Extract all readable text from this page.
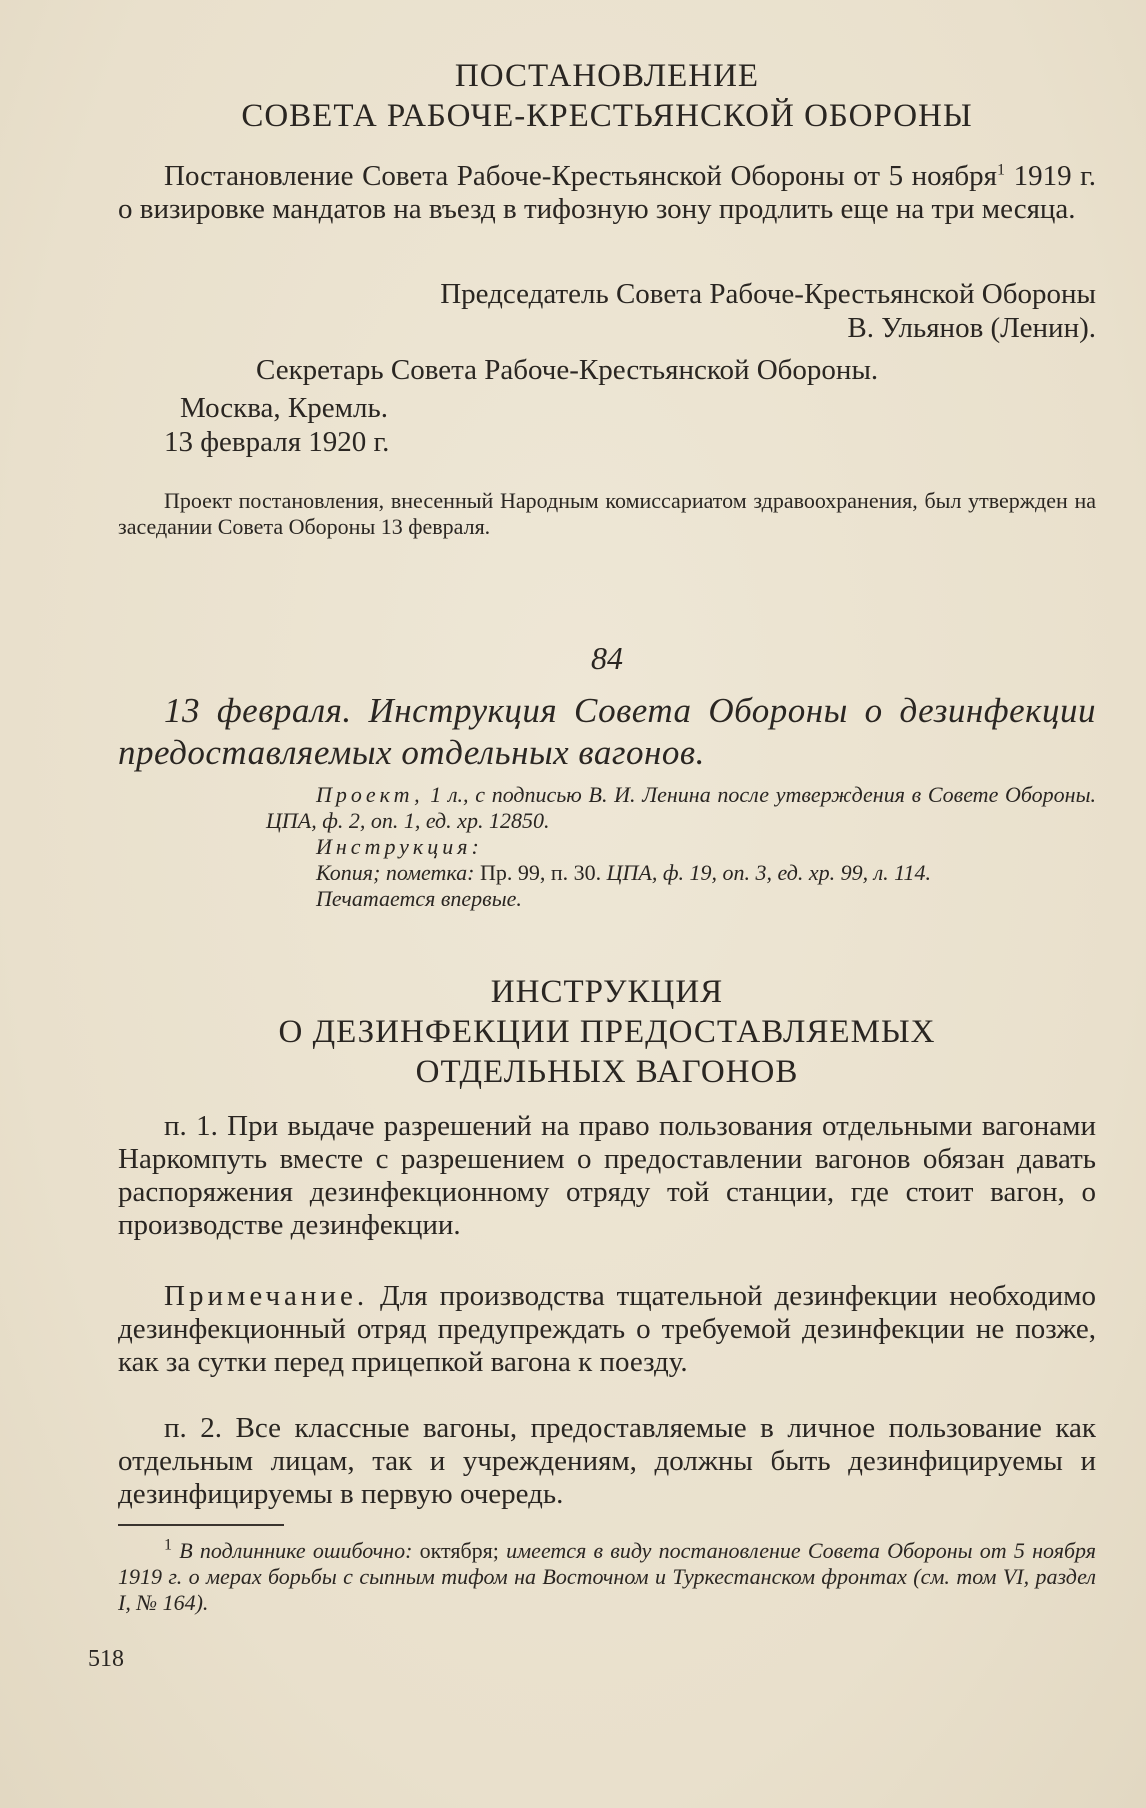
ПОСТАНОВЛЕНИЕ
СОВЕТА РАБОЧЕ-КРЕСТЬЯНСКОЙ ОБОРОНЫ
Постановление Совета Рабоче-Крестьянской Обороны от 5 ноября$^1$ 1919 г. о визировке мандатов на въезд в тифозную зону продлить еще на три месяца.
Председатель Совета Рабоче-Крестьянской Обороны
В. Ульянов (Ленин).
Секретарь Совета Рабоче-Крестьянской Обороны.
Москва, Кремль.
13 февраля 1920 г.
Проект постановления, внесенный Народным комиссариатом здравоохранения, был утвержден на заседании Совета Обороны 13 февраля.
84
13 февраля. Инструкция Совета Обороны о дезинфекции предоставляемых отдельных вагонов.
Проект, 1 л., с подписью В. И. Ленина после утверждения в Совете Обороны. ЦПА, ф. 2, оп. 1, ед. хр. 12850.
Инструкция:
Копия; пометка: Пр. 99, п. 30. ЦПА, ф. 19, оп. 3, ед. хр. 99, л. 114.
Печатается впервые.
ИНСТРУКЦИЯ
О ДЕЗИНФЕКЦИИ ПРЕДОСТАВЛЯЕМЫХ
ОТДЕЛЬНЫХ ВАГОНОВ
п. 1. При выдаче разрешений на право пользования отдельными вагонами Наркомпуть вместе с разрешением о предоставлении вагонов обязан давать распоряжения дезинфекционному отряду той станции, где стоит вагон, о производстве дезинфекции.
Примечание. Для производства тщательной дезинфекции необходимо дезинфекционный отряд предупреждать о требуемой дезинфекции не позже, как за сутки перед прицепкой вагона к поезду.
п. 2. Все классные вагоны, предоставляемые в личное пользование как отдельным лицам, так и учреждениям, должны быть дезинфицируемы и дезинфицируемы в первую очередь.
$^1$ В подлиннике ошибочно: октября; имеется в виду постановление Совета Обороны от 5 ноября 1919 г. о мерах борьбы с сыпным тифом на Восточном и Туркестанском фронтах (см. том VI, раздел I, № 164).
518
